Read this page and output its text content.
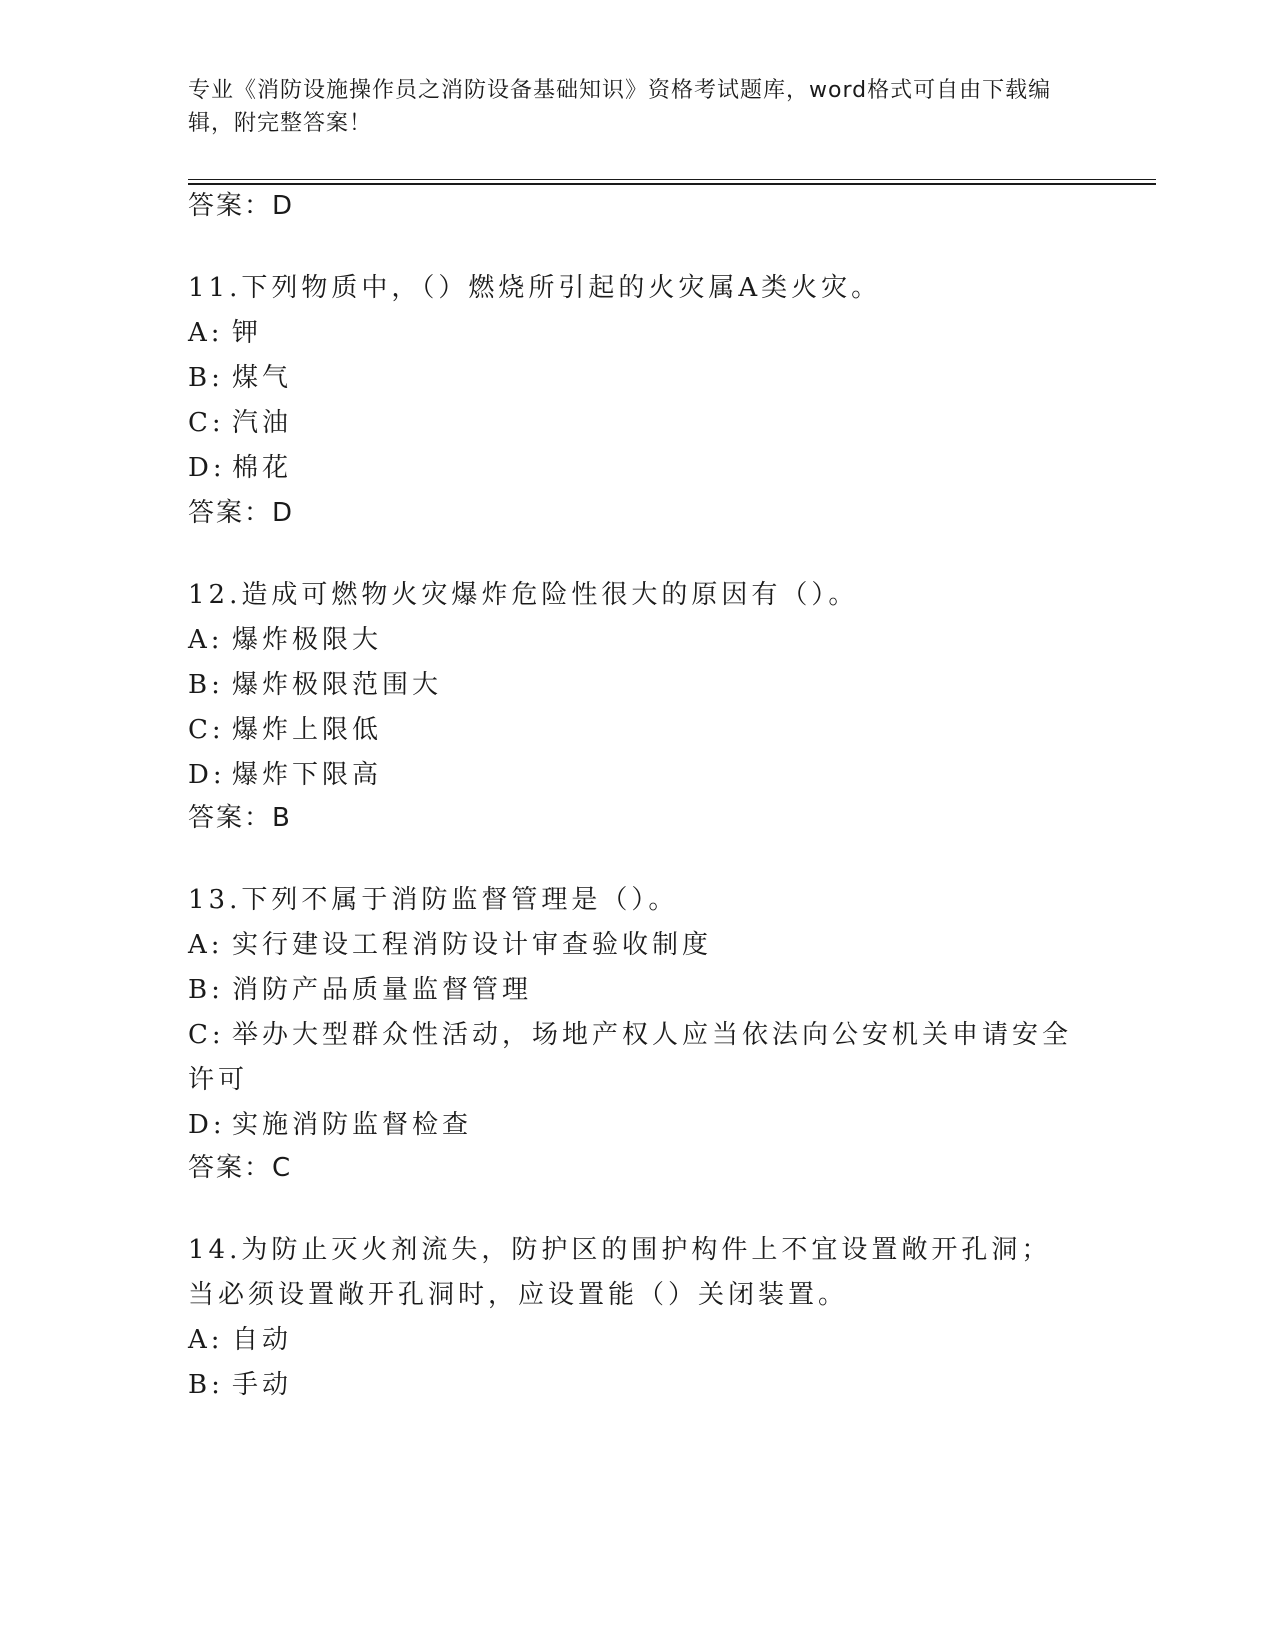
专业《消防设施操作员之消防设备基础知识》资格考试题库，word格式可自由下载编辑，附完整答案！
答案：D

11.下列物质中，（）燃烧所引起的火灾属A类火灾。

A: 钾

B: 煤气

C: 汽油

D: 棉花

答案：D

12.造成可燃物火灾爆炸危险性很大的原因有（）。

A: 爆炸极限大

B: 爆炸极限范围大

C: 爆炸上限低

D: 爆炸下限高

答案：B

13.下列不属于消防监督管理是（）。

A: 实行建设工程消防设计审查验收制度

B: 消防产品质量监督管理

C: 举办大型群众性活动，场地产权人应当依法向公安机关申请安全许可

D: 实施消防监督检查

答案：C

14.为防止灭火剂流失，防护区的围护构件上不宜设置敞开孔洞；当必须设置敞开孔洞时，应设置能（）关闭装置。

A: 自动

B: 手动
